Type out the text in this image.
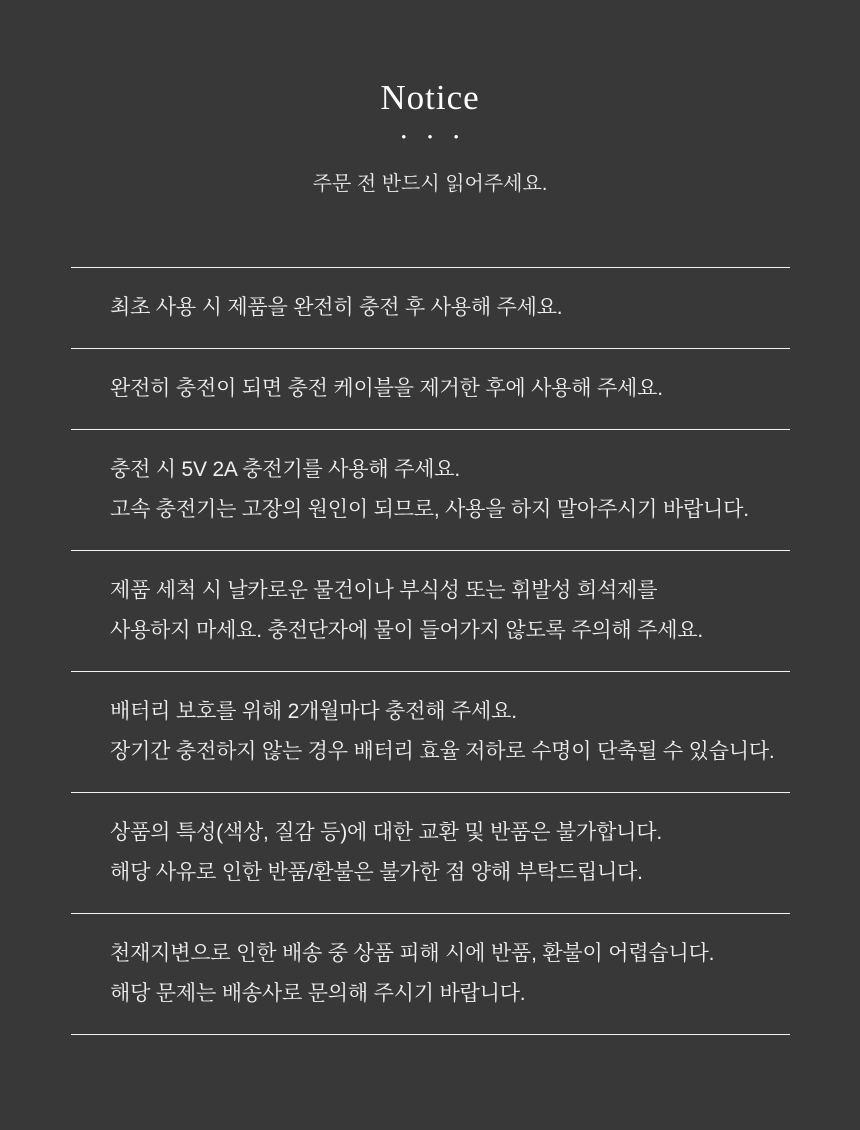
Notice
• • •
주문 전 반드시 읽어주세요.

최초 사용 시 제품을 완전히 충전 후 사용해 주세요.

완전히 충전이 되면 충전 케이블을 제거한 후에 사용해 주세요.

충전 시 5V 2A 충전기를 사용해 주세요.

고속 충전기는 고장의 원인이 되므로, 사용을 하지 말아주시기 바랍니다.

제품 세척 시 날카로운 물건이나 부식성 또는 휘발성 희석제를

사용하지 마세요. 충전단자에 물이 들어가지 않도록 주의해 주세요.

배터리 보호를 위해 2개월마다 충전해 주세요.

장기간 충전하지 않는 경우 배터리 효율 저하로 수명이 단축될 수 있습니다.

상품의 특성(색상, 질감 등)에 대한 교환 및 반품은 불가합니다.

해당 사유로 인한 반품/환불은 불가한 점 양해 부탁드립니다.

천재지변으로 인한 배송 중 상품 피해 시에 반품, 환불이 어렵습니다.

해당 문제는 배송사로 문의해 주시기 바랍니다.
